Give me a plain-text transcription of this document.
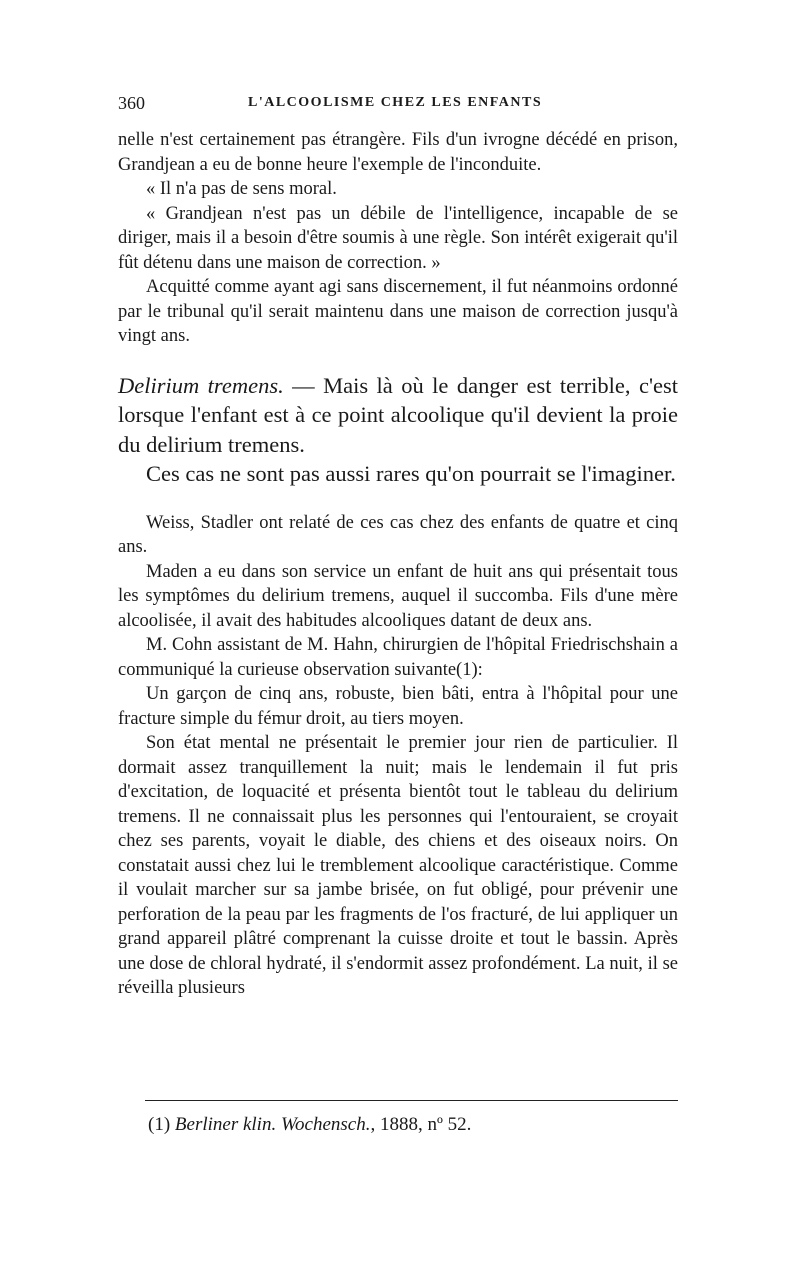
360	L'ALCOOLISME CHEZ LES ENFANTS

nelle n'est certainement pas étrangère. Fils d'un ivrogne décédé en prison, Grandjean a eu de bonne heure l'exemple de l'inconduite.

« Il n'a pas de sens moral.

« Grandjean n'est pas un débile de l'intelligence, incapable de se diriger, mais il a besoin d'être soumis à une règle. Son intérêt exigerait qu'il fût détenu dans une maison de correction. »

Acquitté comme ayant agi sans discernement, il fut néanmoins ordonné par le tribunal qu'il serait maintenu dans une maison de correction jusqu'à vingt ans.

Delirium tremens. — Mais là où le danger est terrible, c'est lorsque l'enfant est à ce point alcoolique qu'il devient la proie du delirium tremens.

Ces cas ne sont pas aussi rares qu'on pourrait se l'imaginer.

Weiss, Stadler ont relaté de ces cas chez des enfants de quatre et cinq ans.

Maden a eu dans son service un enfant de huit ans qui présentait tous les symptômes du delirium tremens, auquel il succomba. Fils d'une mère alcoolisée, il avait des habitudes alcooliques datant de deux ans.

M. Cohn assistant de M. Hahn, chirurgien de l'hôpital Friedrischshain a communiqué la curieuse observation suivante(1):

Un garçon de cinq ans, robuste, bien bâti, entra à l'hôpital pour une fracture simple du fémur droit, au tiers moyen.

Son état mental ne présentait le premier jour rien de particulier. Il dormait assez tranquillement la nuit; mais le lendemain il fut pris d'excitation, de loquacité et présenta bientôt tout le tableau du delirium tremens. Il ne connaissait plus les personnes qui l'entouraient, se croyait chez ses parents, voyait le diable, des chiens et des oiseaux noirs. On constatait aussi chez lui le tremblement alcoolique caractéristique. Comme il voulait marcher sur sa jambe brisée, on fut obligé, pour prévenir une perforation de la peau par les fragments de l'os fracturé, de lui appliquer un grand appareil plâtré comprenant la cuisse droite et tout le bassin. Après une dose de chloral hydraté, il s'endormit assez profondément. La nuit, il se réveilla plusieurs

(1) Berliner klin. Wochensch., 1888, nº 52.
